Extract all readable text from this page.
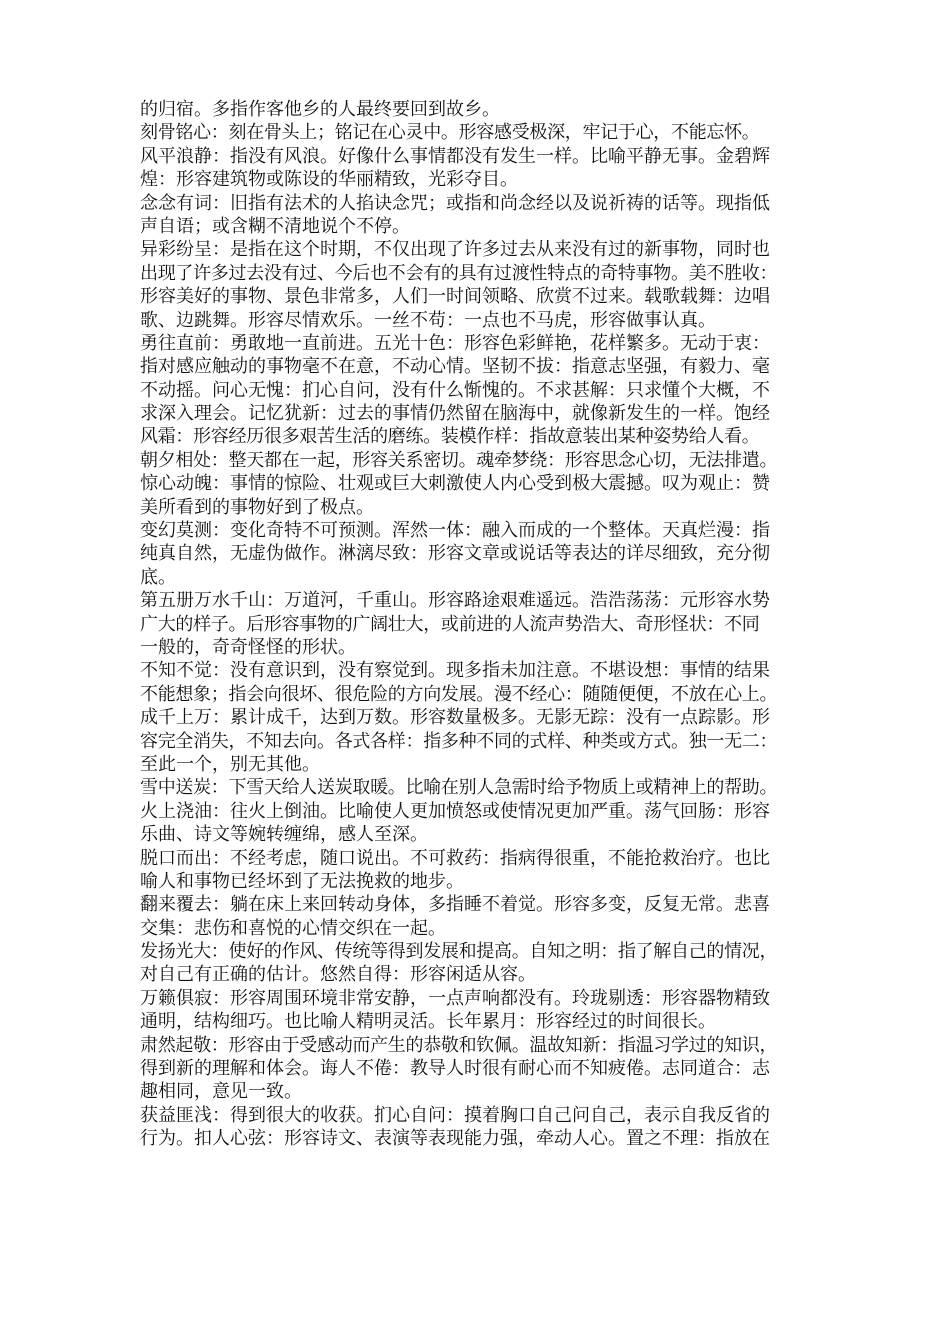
的归宿。多指作客他乡的人最终要回到故乡。
刻骨铭心：刻在骨头上；铭记在心灵中。形容感受极深，牢记于心，不能忘怀。
风平浪静：指没有风浪。好像什么事情都没有发生一样。比喻平静无事。金碧辉
煌：形容建筑物或陈设的华丽精致，光彩夺目。
念念有词：旧指有法术的人掐诀念咒；或指和尚念经以及说祈祷的话等。现指低
声自语；或含糊不清地说个不停。
异彩纷呈：是指在这个时期，不仅出现了许多过去从来没有过的新事物，同时也
出现了许多过去没有过、今后也不会有的具有过渡性特点的奇特事物。美不胜收：
形容美好的事物、景色非常多，人们一时间领略、欣赏不过来。载歌载舞：边唱
歌、边跳舞。形容尽情欢乐。一丝不苟：一点也不马虎，形容做事认真。
勇往直前：勇敢地一直前进。五光十色：形容色彩鲜艳，花样繁多。无动于衷：
指对感应触动的事物毫不在意，不动心情。坚韧不拔：指意志坚强，有毅力、毫
不动摇。问心无愧：扪心自问，没有什么惭愧的。不求甚解：只求懂个大概，不
求深入理会。记忆犹新：过去的事情仍然留在脑海中，就像新发生的一样。饱经
风霜：形容经历很多艰苦生活的磨练。装模作样：指故意装出某种姿势给人看。
朝夕相处：整天都在一起，形容关系密切。魂牵梦绕：形容思念心切，无法排遣。
惊心动魄：事情的惊险、壮观或巨大刺激使人内心受到极大震撼。叹为观止：赞
美所看到的事物好到了极点。
变幻莫测：变化奇特不可预测。浑然一体：融入而成的一个整体。天真烂漫：指
纯真自然，无虚伪做作。淋漓尽致：形容文章或说话等表达的详尽细致，充分彻
底。
第五册万水千山：万道河，千重山。形容路途艰难遥远。浩浩荡荡：元形容水势
广大的样子。后形容事物的广阔壮大，或前进的人流声势浩大、奇形怪状：不同
一般的，奇奇怪怪的形状。
不知不觉：没有意识到，没有察觉到。现多指未加注意。不堪设想：事情的结果
不能想象；指会向很坏、很危险的方向发展。漫不经心：随随便便，不放在心上。
成千上万：累计成千，达到万数。形容数量极多。无影无踪：没有一点踪影。形
容完全消失，不知去向。各式各样：指多种不同的式样、种类或方式。独一无二：
至此一个，别无其他。
雪中送炭：下雪天给人送炭取暖。比喻在别人急需时给予物质上或精神上的帮助。
火上浇油：往火上倒油。比喻使人更加愤怒或使情况更加严重。荡气回肠：形容
乐曲、诗文等婉转缠绵，感人至深。
脱口而出：不经考虑，随口说出。不可救药：指病得很重，不能抢救治疗。也比
喻人和事物已经坏到了无法挽救的地步。
翻来覆去：躺在床上来回转动身体，多指睡不着觉。形容多变，反复无常。悲喜
交集：悲伤和喜悦的心情交织在一起。
发扬光大：使好的作风、传统等得到发展和提高。自知之明：指了解自己的情况，
对自己有正确的估计。悠然自得：形容闲适从容。
万籁俱寂：形容周围环境非常安静，一点声响都没有。玲珑剔透：形容器物精致
通明，结构细巧。也比喻人精明灵活。长年累月：形容经过的时间很长。
肃然起敬：形容由于受感动而产生的恭敬和钦佩。温故知新：指温习学过的知识，
得到新的理解和体会。诲人不倦：教导人时很有耐心而不知疲倦。志同道合：志
趣相同，意见一致。
获益匪浅：得到很大的收获。扪心自问：摸着胸口自己问自己，表示自我反省的
行为。扣人心弦：形容诗文、表演等表现能力强，牵动人心。置之不理：指放在
